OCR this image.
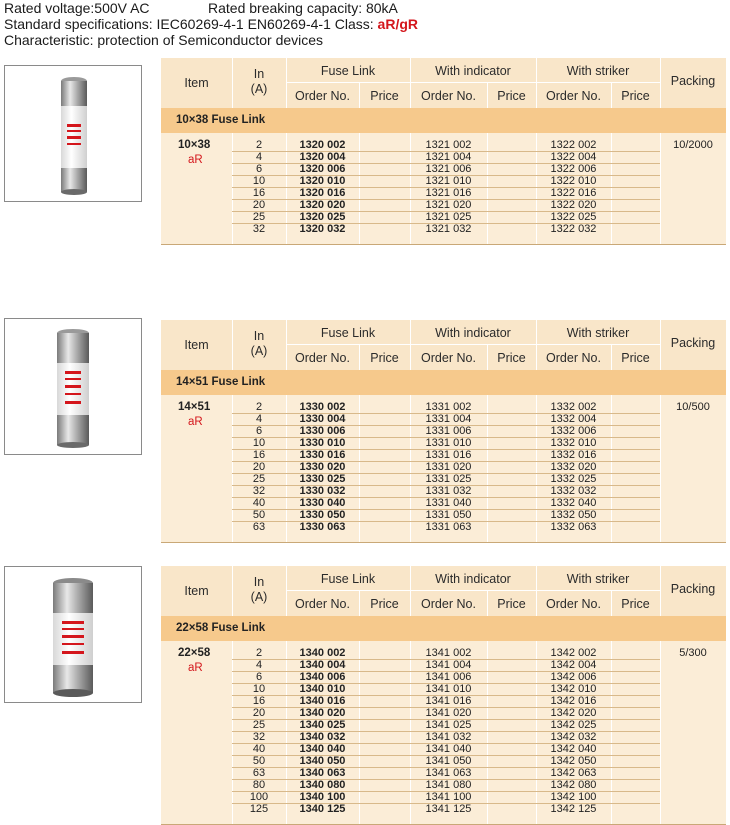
Rated voltage:500V AC	Rated breaking capacity: 80kA
Standard specifications: IEC60269-4-1 EN60269-4-1 Class: aR/gR
Characteristic: protection of Semiconductor devices
Item
In
(A)
Fuse Link	With indicator	With striker
Packing
Order No.	Order No.	Order No.
Price	Price	Price
10×38 Fuse Link
10×38
aR
10/2000
2	1320 002	1321 002	1322 002
4	1320 004	1321 004	1322 004
6	1320 006	1321 006	1322 006
10	1320 010	1321 010	1322 010
16	1320 016	1321 016	1322 016
20	1320 020	1321 020	1322 020
25	1320 025	1321 025	1322 025
32	1320 032	1321 032	1322 032
Item
In
(A)
Fuse Link	With indicator	With striker
Packing
Order No.	Order No.	Order No.
Price	Price	Price
14×51 Fuse Link
14×51
aR
10/500
2	1330 002	1331 002	1332 002
4	1330 004	1331 004	1332 004
6	1330 006	1331 006	1332 006
10	1330 010	1331 010	1332 010
16	1330 016	1331 016	1332 016
20	1330 020	1331 020	1332 020
25	1330 025	1331 025	1332 025
32	1330 032	1331 032	1332 032
40	1330 040	1331 040	1332 040
50	1330 050	1331 050	1332 050
63	1330 063	1331 063	1332 063
Item
In
(A)
Fuse Link	With indicator	With striker
Packing
Order No.	Order No.	Order No.
Price	Price	Price
22×58 Fuse Link
22×58
aR
5/300
2	1340 002	1341 002	1342 002
4	1340 004	1341 004	1342 004
6	1340 006	1341 006	1342 006
10	1340 010	1341 010	1342 010
16	1340 016	1341 016	1342 016
20	1340 020	1341 020	1342 020
25	1340 025	1341 025	1342 025
32	1340 032	1341 032	1342 032
40	1340 040	1341 040	1342 040
50	1340 050	1341 050	1342 050
63	1340 063	1341 063	1342 063
80	1340 080	1341 080	1342 080
100	1340 100	1341 100	1342 100
125	1340 125	1341 125	1342 125
